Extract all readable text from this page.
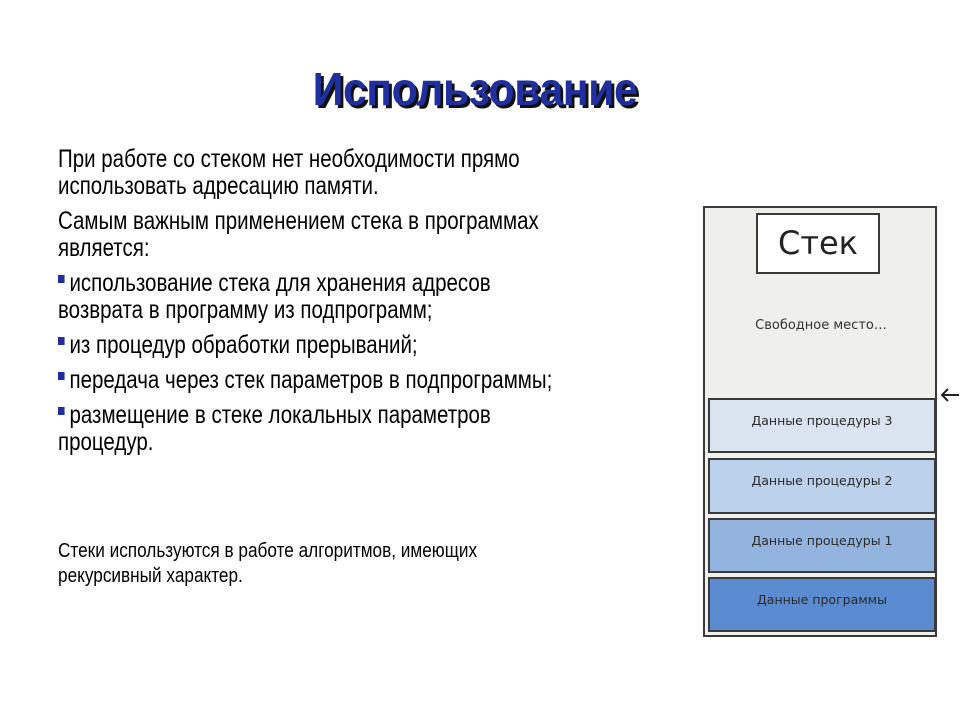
Использование
При работе со стеком нет необходимости прямо
использовать адресацию памяти.
Самым важным применением стека в программах
является:
использование стека для хранения адресов
возврата в программу из подпрограмм;
из процедур обработки прерываний;
передача через стек параметров в подпрограммы;
размещение в стеке локальных параметров
процедур.
Стеки используются в работе алгоритмов, имеющих
рекурсивный характер.
Стек
Свободное место…
Данные процедуры 3
Данные процедуры 2
Данные процедуры 1
Данные программы
